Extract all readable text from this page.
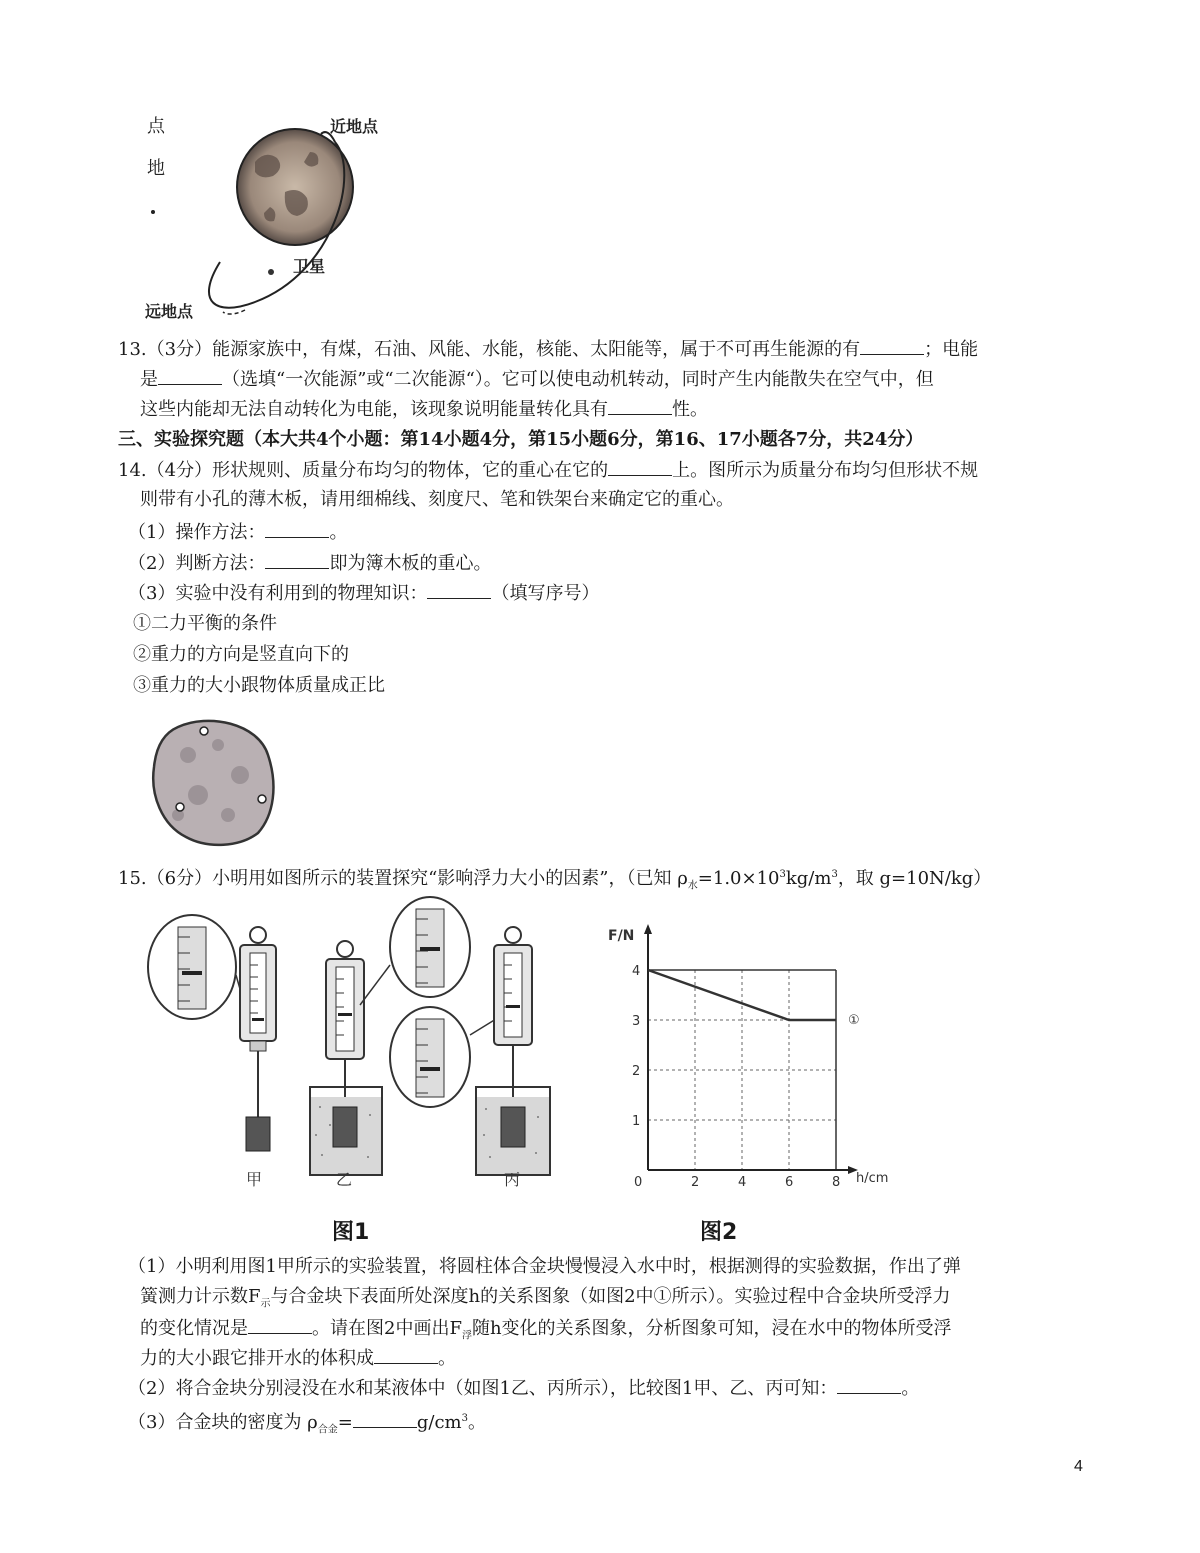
近地点
卫星
远地点
点
地
13.（3分）能源家族中，有煤，石油、风能、水能，核能、太阳能等，属于不可再生能源的有	；电能
是	（选填“一次能源”或“二次能源“）。它可以使电动机转动，同时产生内能散失在空气中，但
这些内能却无法自动转化为电能，该现象说明能量转化具有	性。
三、实验探究题（本大共4个小题：第14小题4分，第15小题6分，第16、17小题各7分，共24分）
14.（4分）形状规则、质量分布均匀的物体，它的重心在它的	上。图所示为质量分布均匀但形状不规
则带有小孔的薄木板，请用细棉线、刻度尺、笔和铁架台来确定它的重心。
（1）操作方法：	。
（2）判断方法：	即为簿木板的重心。
（3）实验中没有利用到的物理知识：	（填写序号）
①二力平衡的条件
②重力的方向是竖直向下的
③重力的大小跟物体质量成正比
15.（6分）小明用如图所示的装置探究“影响浮力大小的因素”，（已知 $\rho_水=1.0\times 10^3kg/m^3$，取 g=10N/kg）
甲	乙	丙
图1
0	2	4	6	8
1
2
3
4
F/N
h/cm
①
图2
（1）小明利用图1甲所示的实验装置，将圆柱体合金块慢慢浸入水中时，根据测得的实验数据，作出了弹
簧测力计示数$F_示$与合金块下表面所处深度h的关系图象（如图2中①所示）。实验过程中合金块所受浮力
的变化情况是	。请在图2中画出$F_浮$随h变化的关系图象，分析图象可知，浸在水中的物体所受浮
力的大小跟它排开水的体积成	。
（2）将合金块分别浸没在水和某液体中（如图1乙、丙所示），比较图1甲、乙、丙可知：	。
（3）合金块的密度为 $\rho_{合金}=$	$g/cm^3$。
4
